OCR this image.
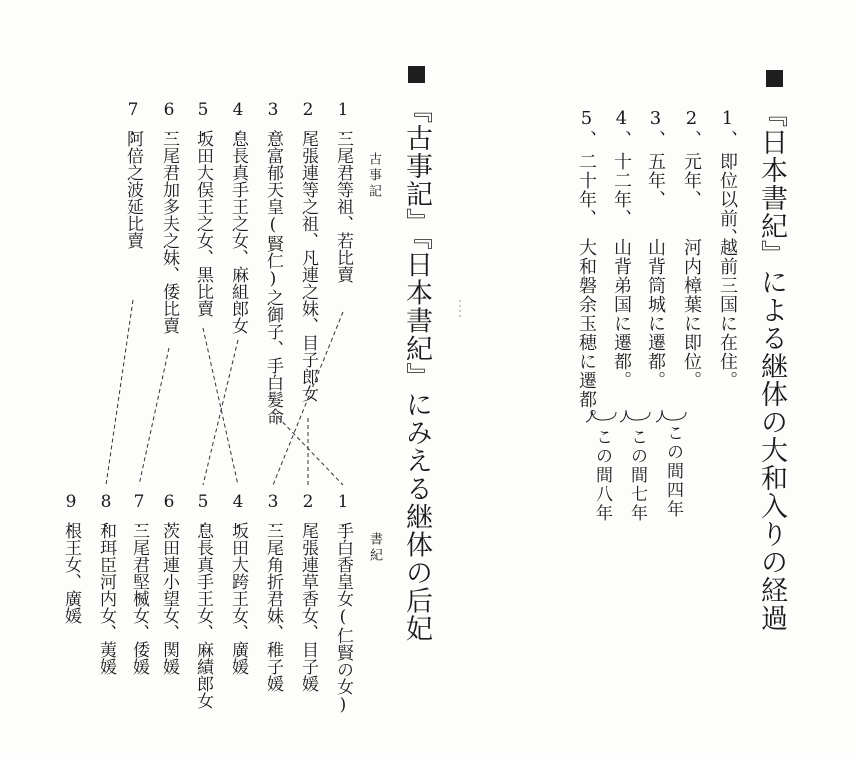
『日本書紀』による継体の大和入りの経過
1、
即位以前、
越前三国に在住。
2、
元年、
河内樟葉に即位。
3、
五年、
山背筒城に遷都。
4、
十二年、
山背弟国に遷都。
5、
二十年、
大和磐余玉穂に遷都。
この間四年
この間七年
この間八年
『古事記』『日本書紀』にみえる継体の后妃
古事記
書紀
1.
三尾君等祖、若比賣
2.
尾張連等之祖、凡連之妹、目子郎女
3.
意富郁天皇(賢仁)之御子、手白髮命
4.
息長真手王之女、麻組郎女
5.
坂田大俣王之女、黒比賣
6.
三尾君加多夫之妹、倭比賣
7.
阿倍之波延比賣
1.
手白香皇女(仁賢の女)
2.
尾張連草香女、目子媛
3.
三尾角折君妹、稚子媛
4.
坂田大跨王女、廣媛
5.
息長真手王女、麻績郎女
6.
茨田連小望女、関媛
7.
三尾君堅楲女、倭媛
8.
和珥臣河内女、荑媛
9.
根王女、廣媛
